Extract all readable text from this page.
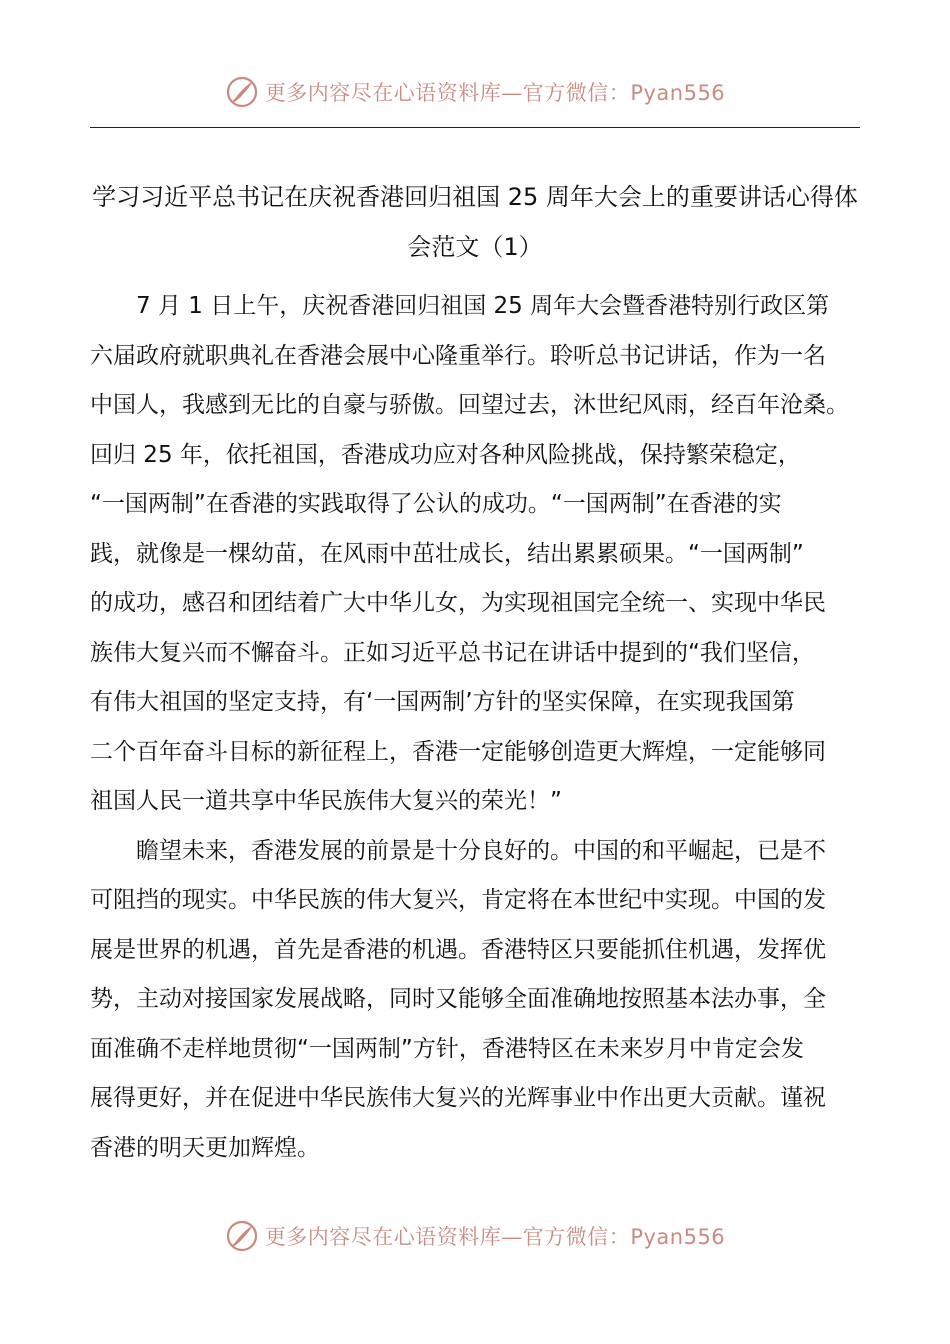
更多内容尽在心语资料库—官方微信：Pyan556
学习习近平总书记在庆祝香港回归祖国 25 周年大会上的重要讲话心得体
会范文（1）
7 月 1 日上午，庆祝香港回归祖国 25 周年大会暨香港特别行政区第
六届政府就职典礼在香港会展中心隆重举行。聆听总书记讲话，作为一名
中国人，我感到无比的自豪与骄傲。回望过去，沐世纪风雨，经百年沧桑。
回归 25 年，依托祖国，香港成功应对各种风险挑战，保持繁荣稳定，
“一国两制”在香港的实践取得了公认的成功。“一国两制”在香港的实
践，就像是一棵幼苗，在风雨中茁壮成长，结出累累硕果。“一国两制”
的成功，感召和团结着广大中华儿女，为实现祖国完全统一、实现中华民
族伟大复兴而不懈奋斗。正如习近平总书记在讲话中提到的“我们坚信，
有伟大祖国的坚定支持，有‘一国两制’方针的坚实保障，在实现我国第
二个百年奋斗目标的新征程上，香港一定能够创造更大辉煌，一定能够同
祖国人民一道共享中华民族伟大复兴的荣光！”
瞻望未来，香港发展的前景是十分良好的。中国的和平崛起，已是不
可阻挡的现实。中华民族的伟大复兴，肯定将在本世纪中实现。中国的发
展是世界的机遇，首先是香港的机遇。香港特区只要能抓住机遇，发挥优
势，主动对接国家发展战略，同时又能够全面准确地按照基本法办事，全
面准确不走样地贯彻“一国两制”方针，香港特区在未来岁月中肯定会发
展得更好，并在促进中华民族伟大复兴的光辉事业中作出更大贡献。谨祝
香港的明天更加辉煌。
更多内容尽在心语资料库—官方微信：Pyan556
